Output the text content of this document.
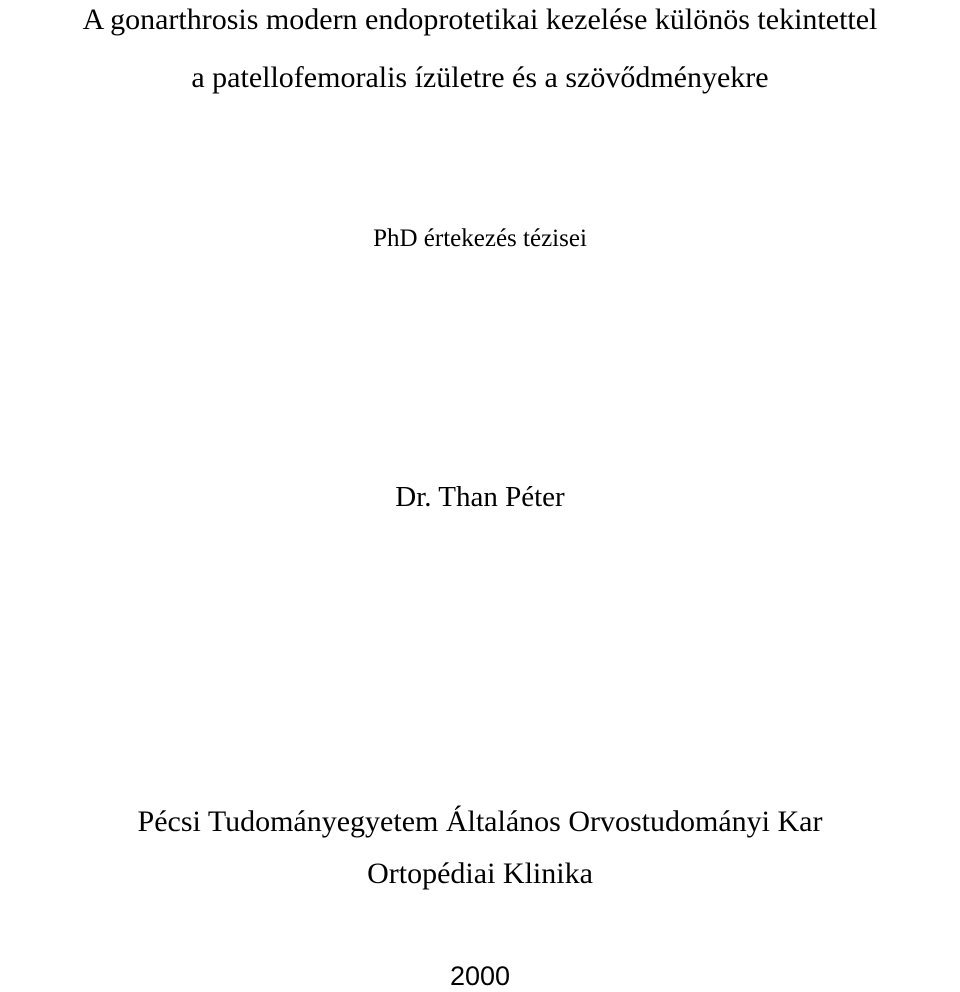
A gonarthrosis modern endoprotetikai kezelése különös tekintettel
a patellofemoralis ízületre és a szövődményekre

PhD értekezés tézisei

Dr. Than Péter

Pécsi Tudományegyetem Általános Orvostudományi Kar

Ortopédiai Klinika

2000
